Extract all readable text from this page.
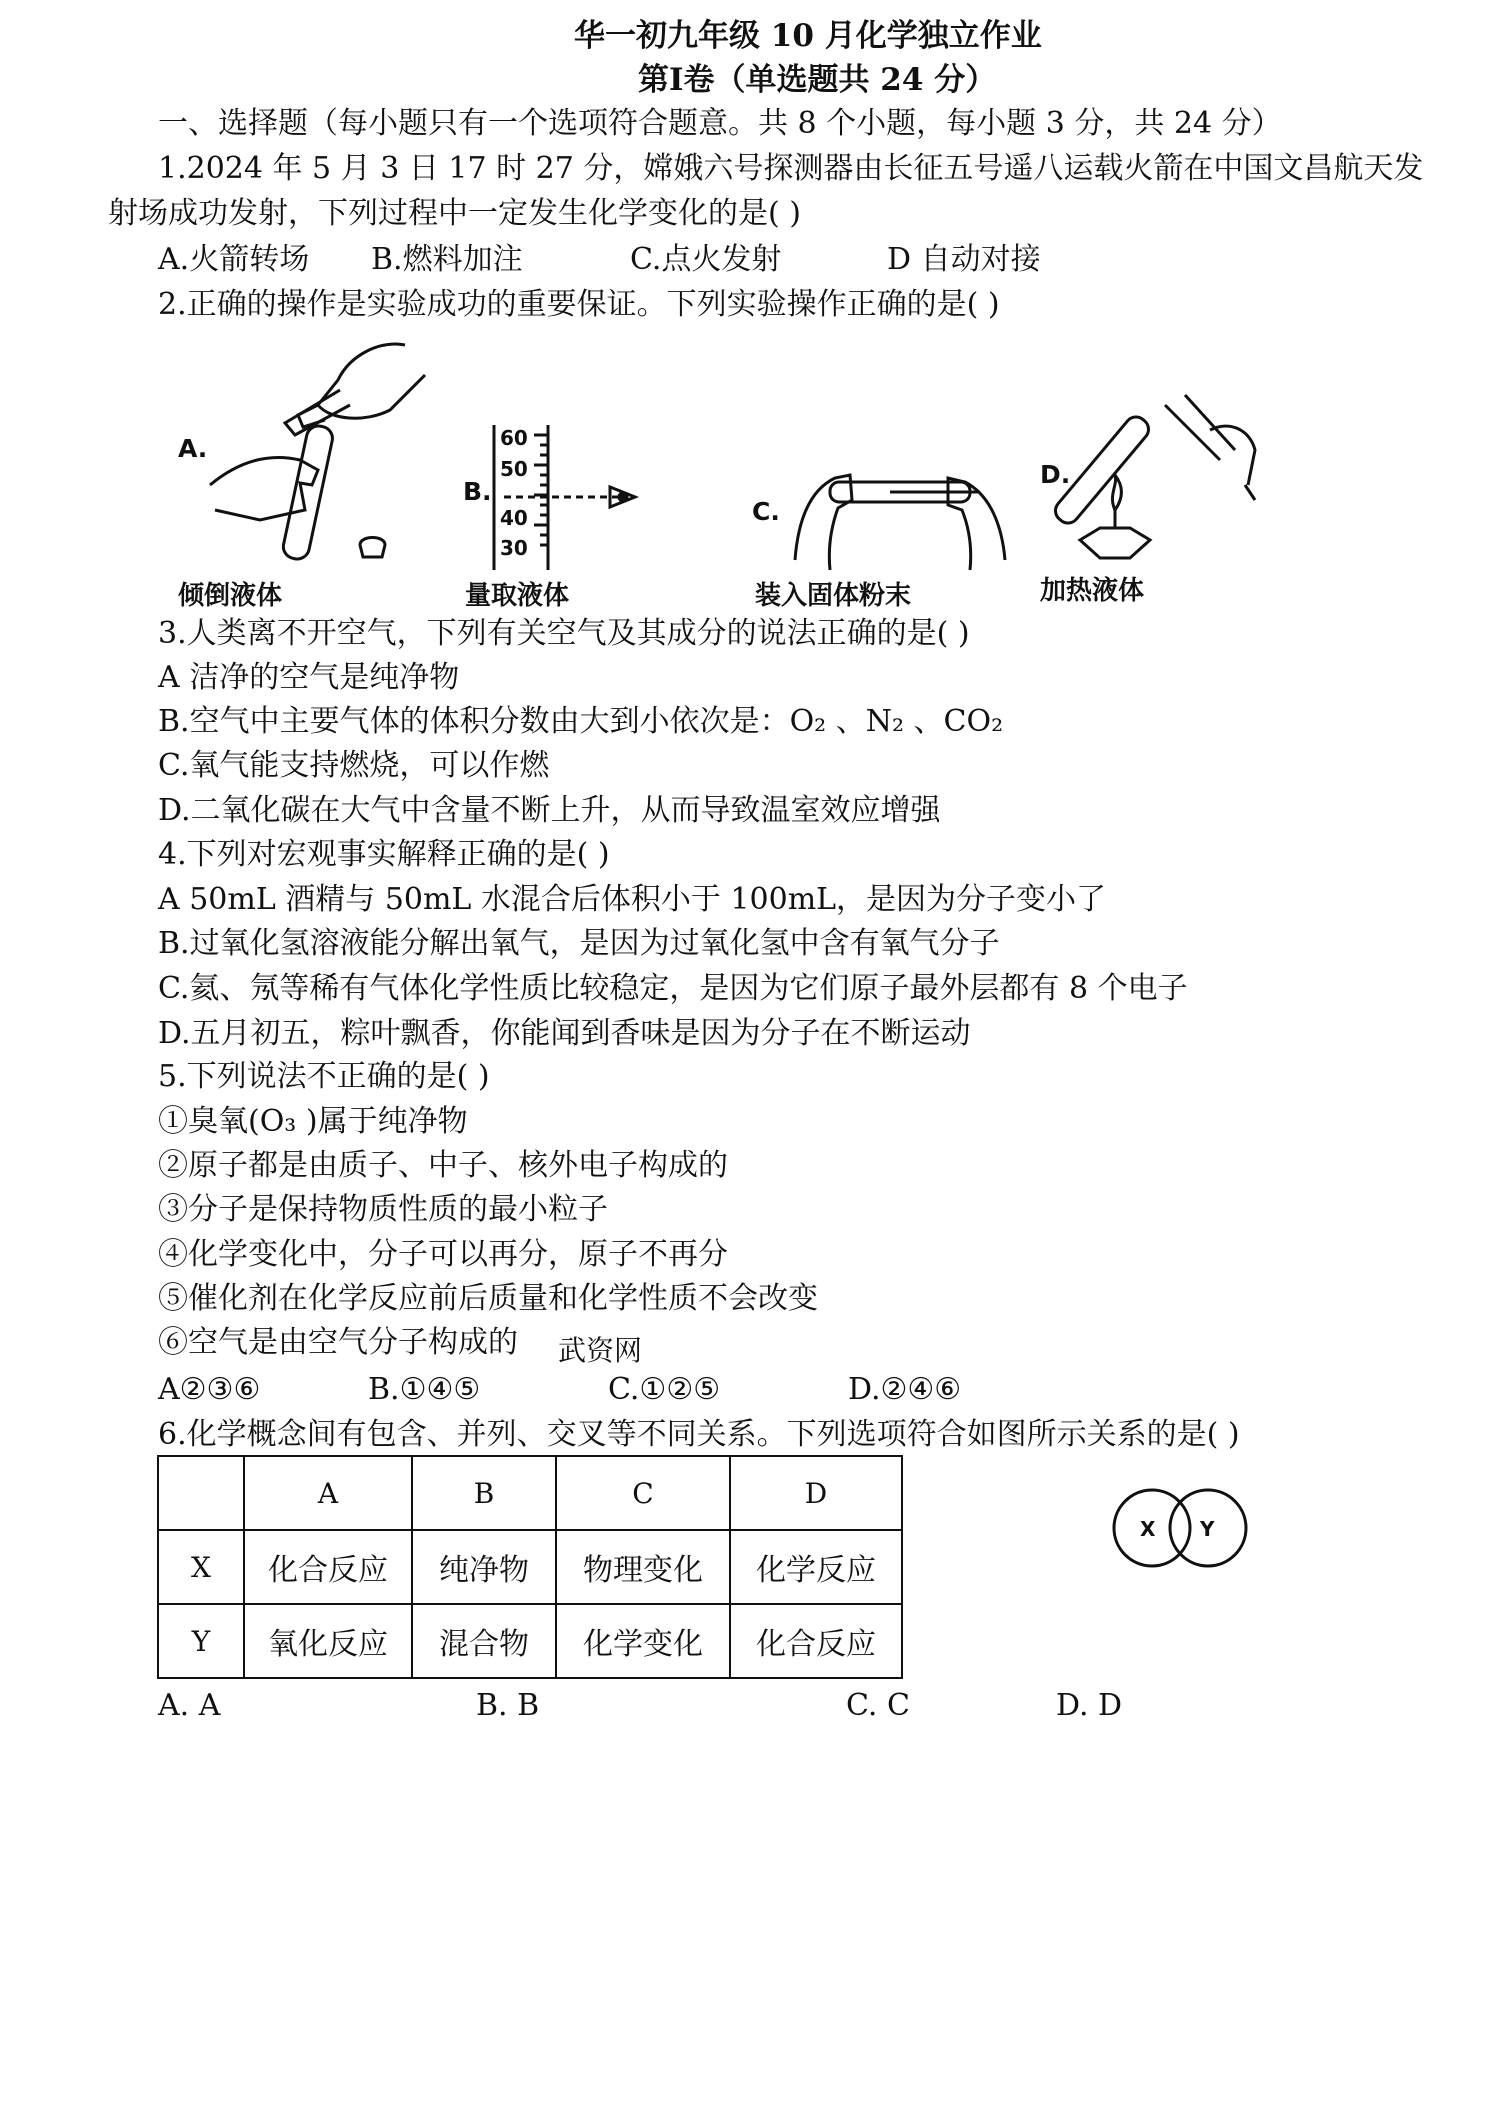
华一初九年级 10 月化学独立作业
第Ⅰ卷（单选题共 24 分）
一、选择题（每小题只有一个选项符合题意。共 8 个小题，每小题 3 分，共 24 分）
1.2024 年 5 月 3 日 17 时 27 分，嫦娥六号探测器由长征五号遥八运载火箭在中国文昌航天发
射场成功发射，下列过程中一定发生化学变化的是( )
A.火箭转场 B.燃料加注	C.点火发射	D 自动对接
2.正确的操作是实验成功的重要保证。下列实验操作正确的是( )
A.
B.
C.
D.
60
50
40
30
倾倒液体	量取液体	装入固体粉末	加热液体
3.人类离不开空气，下列有关空气及其成分的说法正确的是( )
A 洁净的空气是纯净物
B.空气中主要气体的体积分数由大到小依次是：O₂ 、N₂ 、CO₂
C.氧气能支持燃烧，可以作燃
D.二氧化碳在大气中含量不断上升，从而导致温室效应增强
4.下列对宏观事实解释正确的是( )
A 50mL 酒精与 50mL 水混合后体积小于 100mL，是因为分子变小了
B.过氧化氢溶液能分解出氧气，是因为过氧化氢中含有氧气分子
C.氦、氖等稀有气体化学性质比较稳定，是因为它们原子最外层都有 8 个电子
D.五月初五，粽叶飘香，你能闻到香味是因为分子在不断运动
5.下列说法不正确的是( )
①臭氧(O₃ )属于纯净物
②原子都是由质子、中子、核外电子构成的
③分子是保持物质性质的最小粒子
④化学变化中，分子可以再分，原子不再分
⑤催化剂在化学反应前后质量和化学性质不会改变
⑥空气是由空气分子构成的 武资网
A②③⑥	B.①④⑤	C.①②⑤	D.②④⑥
6.化学概念间有包含、并列、交叉等不同关系。下列选项符合如图所示关系的是( )
	A	B	C	D
X	化合反应	纯净物	物理变化	化学反应
Y	氧化反应	混合物	化学变化	化合反应
X Y
A. A	B. B	C. C	D. D
